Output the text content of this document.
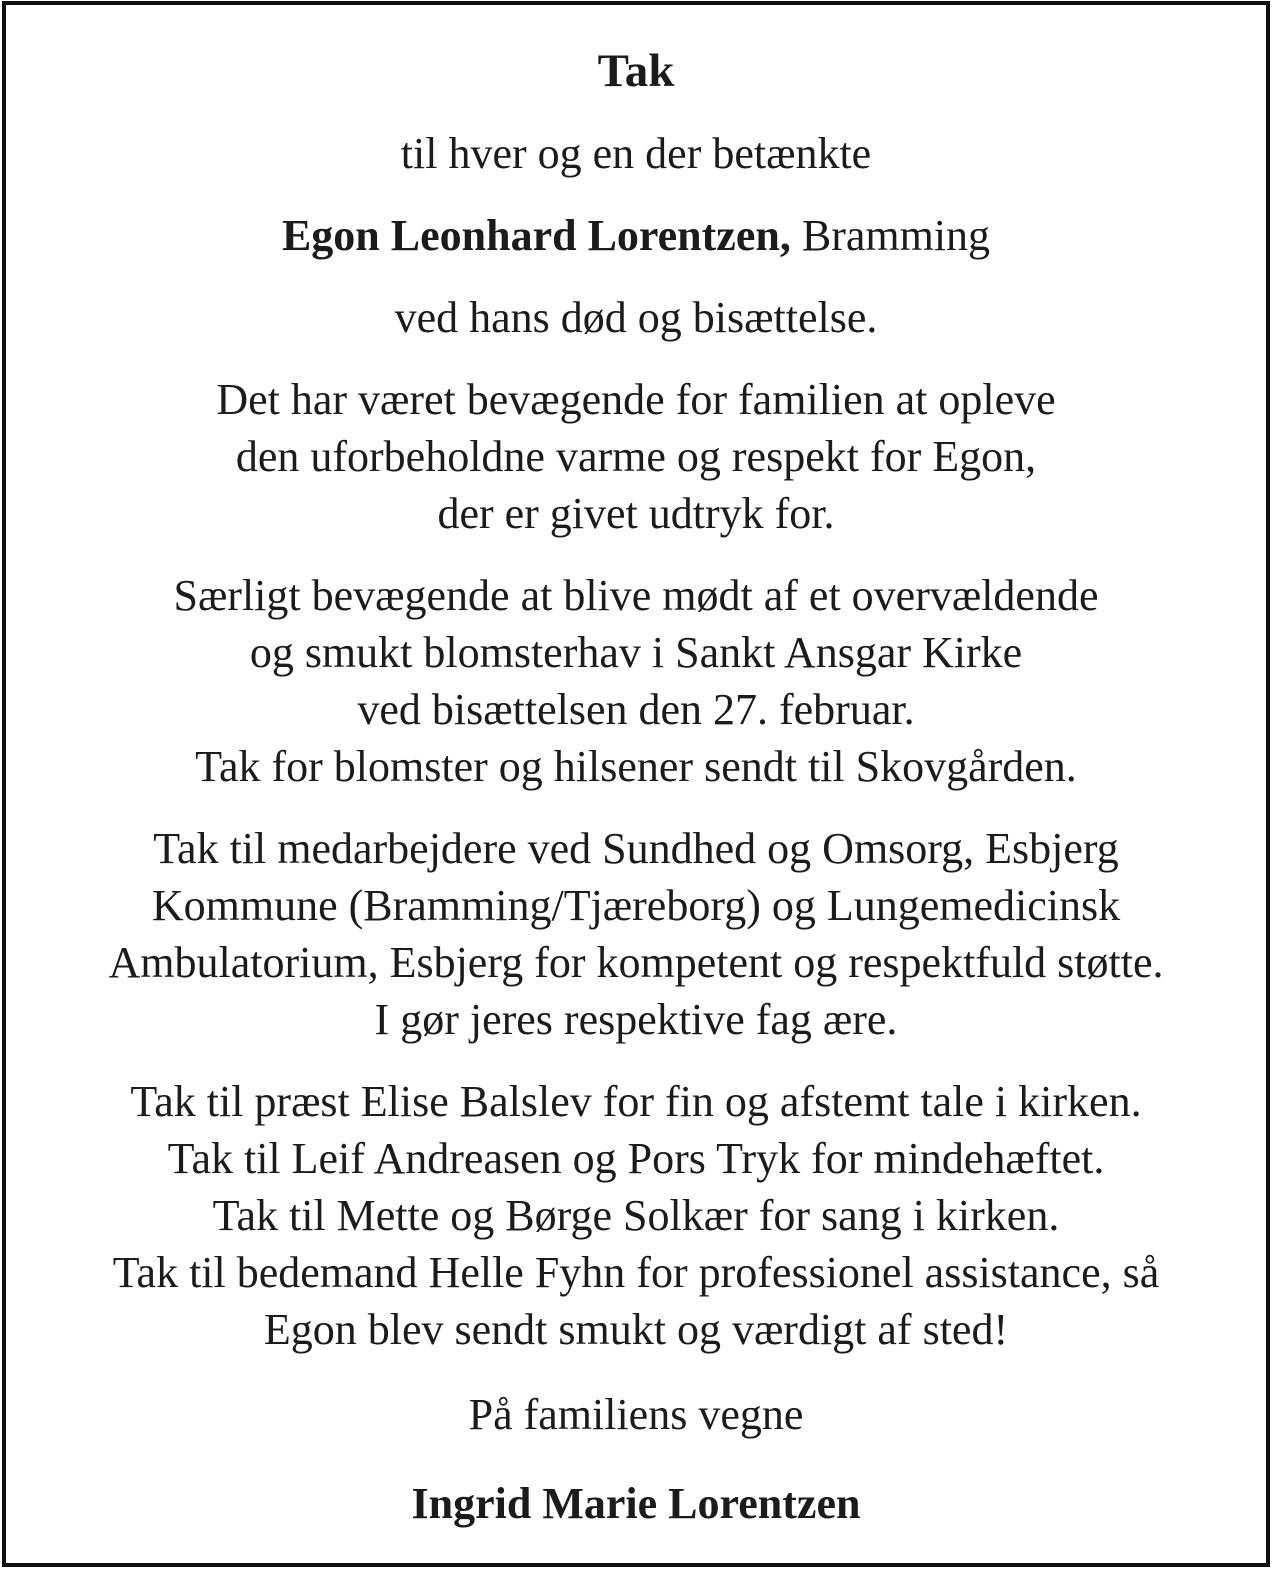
Tak
til hver og en der betænkte
Egon Leonhard Lorentzen, Bramming
ved hans død og bisættelse.
Det har været bevægende for familien at opleve
den uforbeholdne varme og respekt for Egon,
der er givet udtryk for.
Særligt bevægende at blive mødt af et overvældende
og smukt blomsterhav i Sankt Ansgar Kirke
ved bisættelsen den 27. februar.
Tak for blomster og hilsener sendt til Skovgården.
Tak til medarbejdere ved Sundhed og Omsorg, Esbjerg
Kommune (Bramming/Tjæreborg) og Lungemedicinsk
Ambulatorium, Esbjerg for kompetent og respektfuld støtte.
I gør jeres respektive fag ære.
Tak til præst Elise Balslev for fin og afstemt tale i kirken.
Tak til Leif Andreasen og Pors Tryk for mindehæftet.
Tak til Mette og Børge Solkær for sang i kirken.
Tak til bedemand Helle Fyhn for professionel assistance, så
Egon blev sendt smukt og værdigt af sted!
På familiens vegne
Ingrid Marie Lorentzen
